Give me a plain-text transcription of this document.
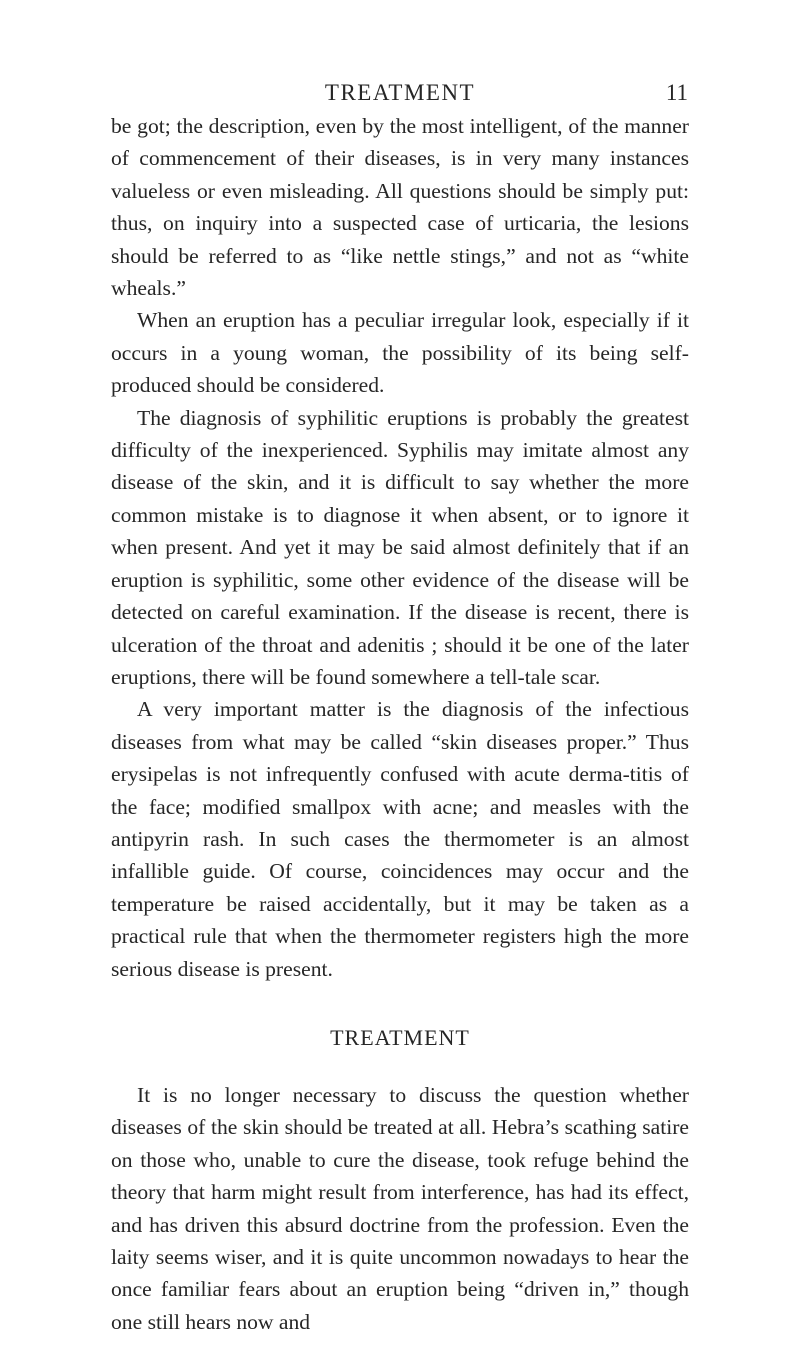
TREATMENT	11

be got; the description, even by the most intelligent, of the manner of commencement of their diseases, is in very many instances valueless or even misleading. All questions should be simply put: thus, on inquiry into a suspected case of urticaria, the lesions should be referred to as “like nettle stings,” and not as “white wheals.”

When an eruption has a peculiar irregular look, especially if it occurs in a young woman, the possibility of its being self-produced should be considered.

The diagnosis of syphilitic eruptions is probably the greatest difficulty of the inexperienced. Syphilis may imitate almost any disease of the skin, and it is difficult to say whether the more common mistake is to diagnose it when absent, or to ignore it when present. And yet it may be said almost definitely that if an eruption is syphilitic, some other evidence of the disease will be detected on careful examination. If the disease is recent, there is ulceration of the throat and adenitis ; should it be one of the later eruptions, there will be found somewhere a tell-tale scar.

A very important matter is the diagnosis of the infectious diseases from what may be called “skin diseases proper.” Thus erysipelas is not infrequently confused with acute derma-titis of the face; modified smallpox with acne; and measles with the antipyrin rash. In such cases the thermometer is an almost infallible guide. Of course, coincidences may occur and the temperature be raised accidentally, but it may be taken as a practical rule that when the thermometer registers high the more serious disease is present.

TREATMENT

It is no longer necessary to discuss the question whether diseases of the skin should be treated at all. Hebra’s scathing satire on those who, unable to cure the disease, took refuge behind the theory that harm might result from interference, has had its effect, and has driven this absurd doctrine from the profession. Even the laity seems wiser, and it is quite uncommon nowadays to hear the once familiar fears about an eruption being “driven in,” though one still hears now and
